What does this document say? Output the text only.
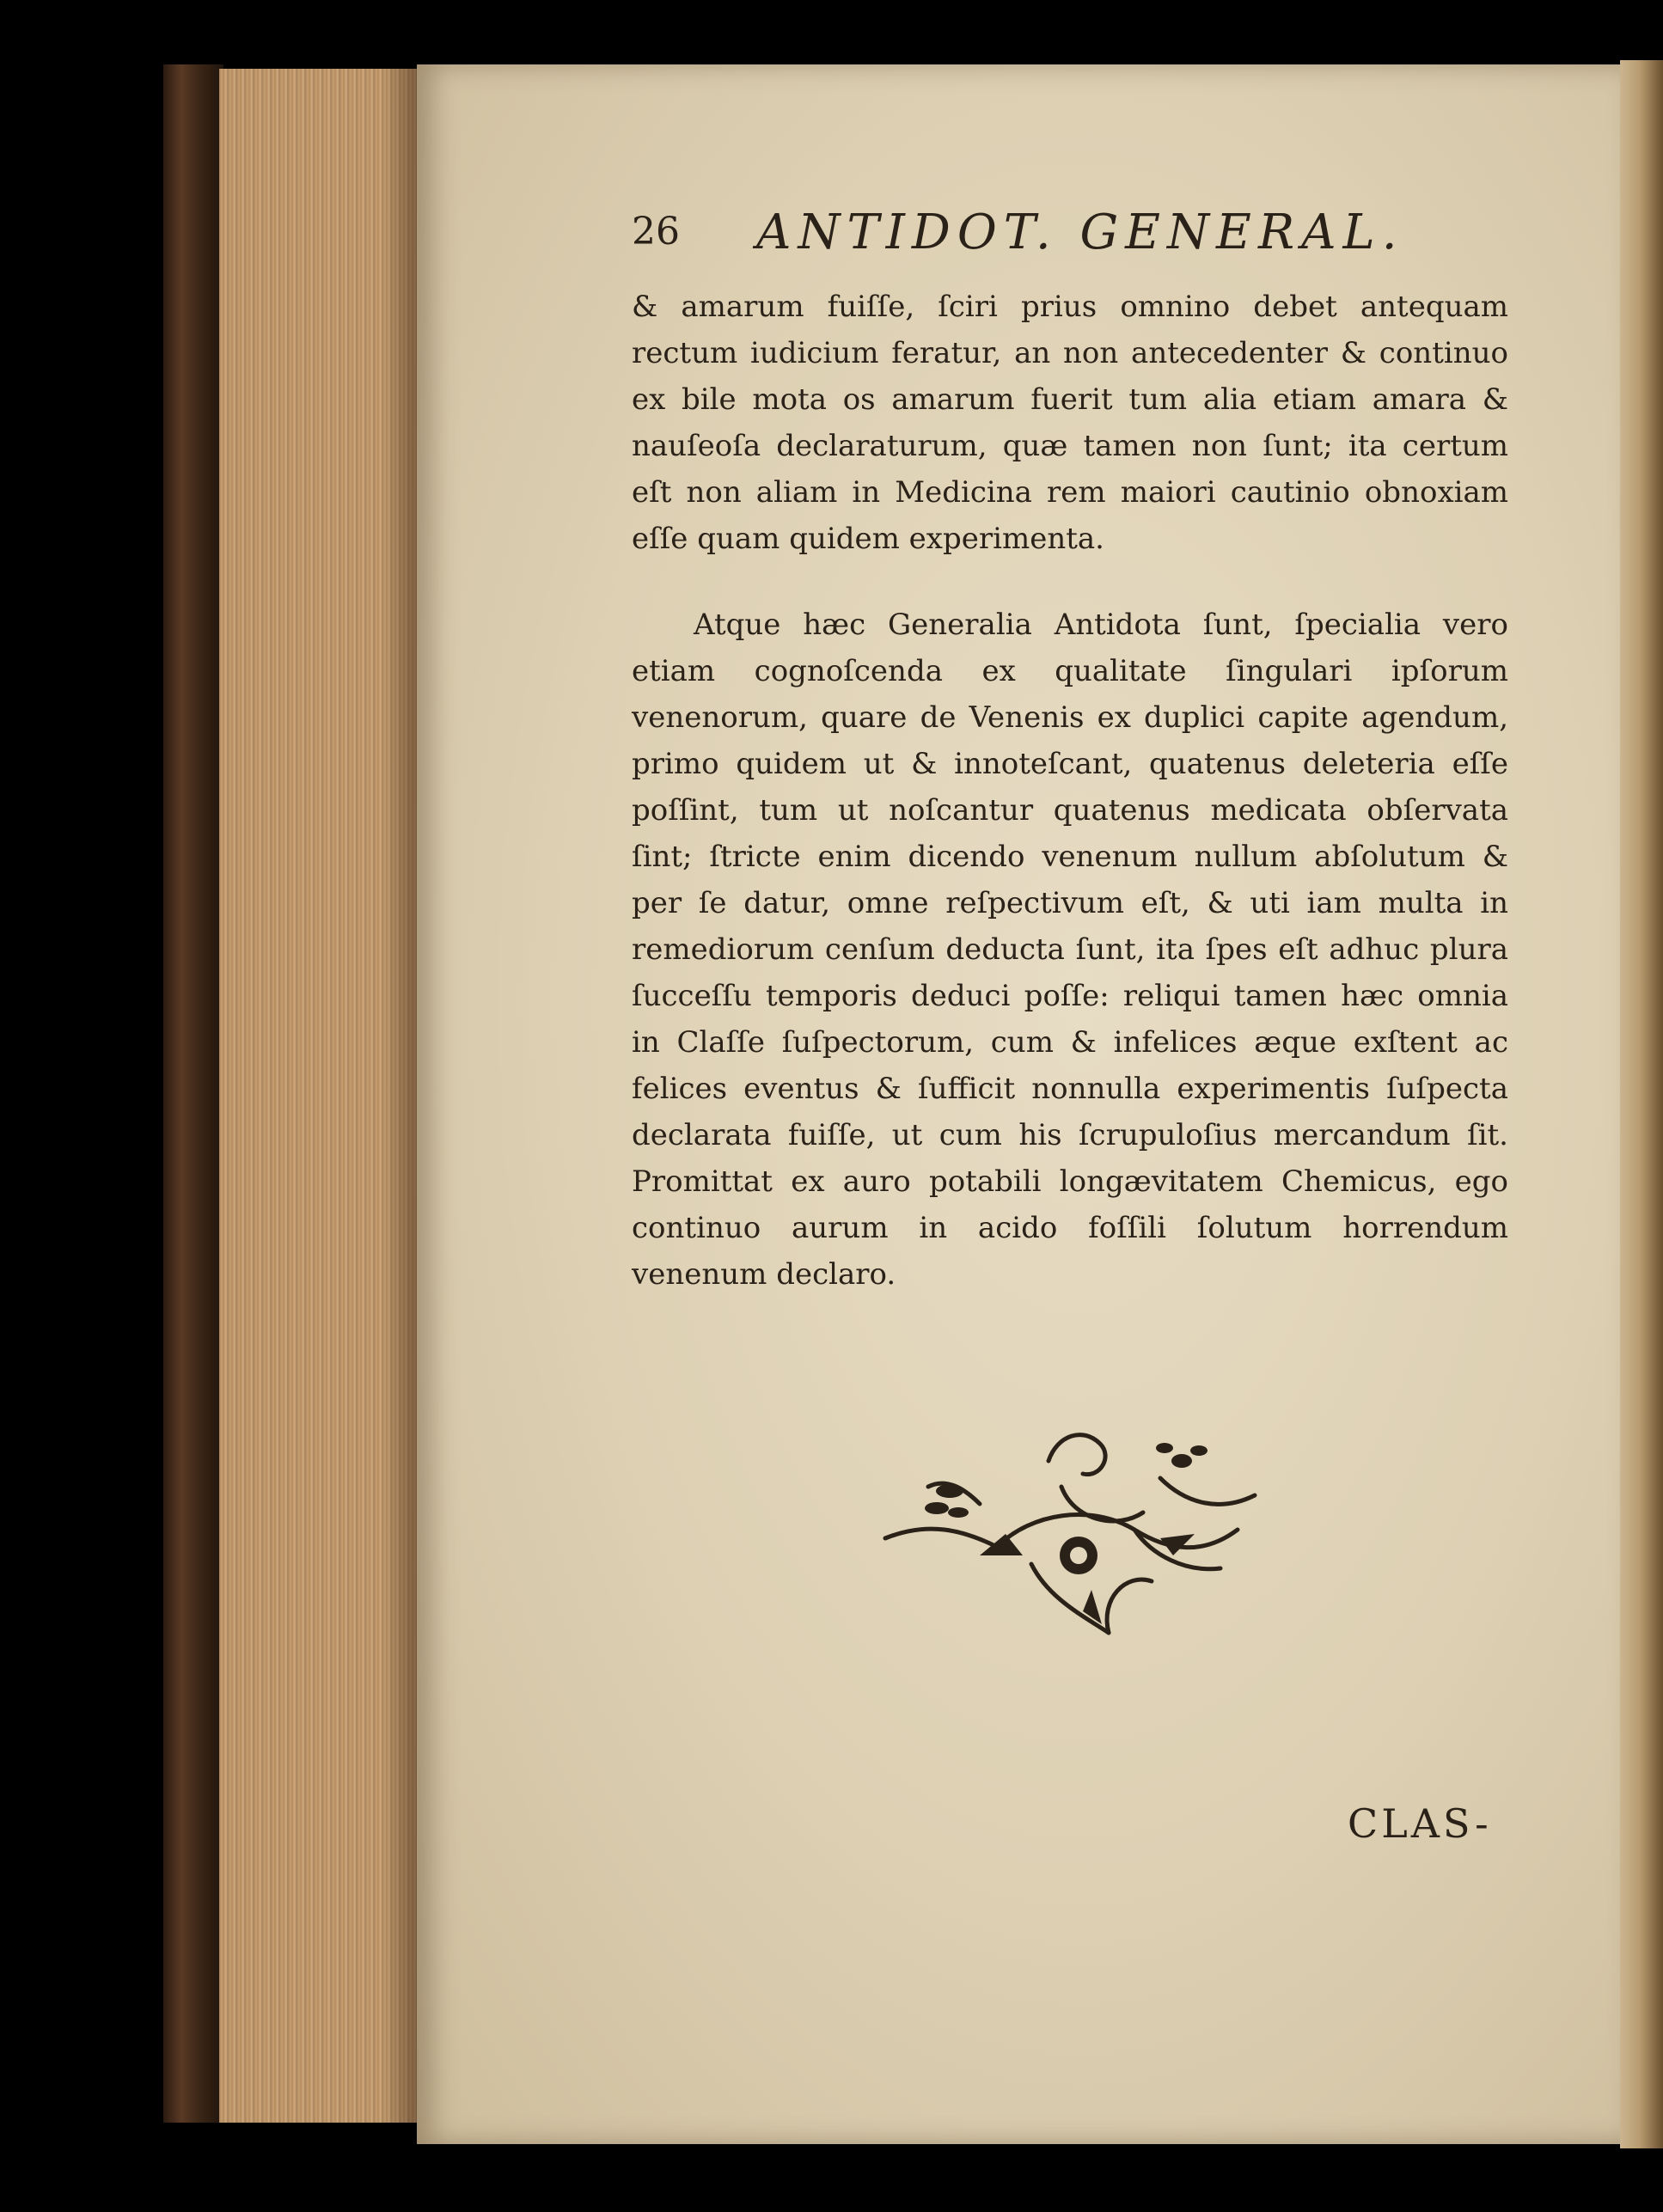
26 ANTIDOT. GENERAL.
& amarum fuiſſe, ſciri prius omnino debet antequam rectum iudicium feratur, an non antecedenter & continuo ex bile mota os amarum fuerit tum alia etiam amara & nauſeoſa declaraturum, quæ tamen non ſunt; ita certum eſt non aliam in Medicina rem maiori cautinio obnoxiam eſſe quam quidem experimenta.
Atque hæc Generalia Antidota ſunt, ſpecialia vero etiam cognoſcenda ex qualitate ſingulari ipſorum venenorum, quare de Venenis ex duplici capite agendum, primo quidem ut & innoteſcant, quatenus deleteria eſſe poſſint, tum ut noſcantur quatenus medicata obſervata ſint; ſtricte enim dicendo venenum nullum abſolutum & per ſe datur, omne reſpectivum eſt, & uti iam multa in remediorum cenſum deducta ſunt, ita ſpes eſt adhuc plura ſucceſſu temporis deduci poſſe: reliqui tamen hæc omnia in Claſſe ſuſpectorum, cum & infelices æque exſtent ac felices eventus & ſufficit nonnulla experimentis ſuſpecta declarata fuiſſe, ut cum his ſcrupuloſius mercandum ſit. Promittat ex auro potabili longævitatem Chemicus, ego continuo aurum in acido foſſili ſolutum horrendum venenum declaro.
CLAS-
